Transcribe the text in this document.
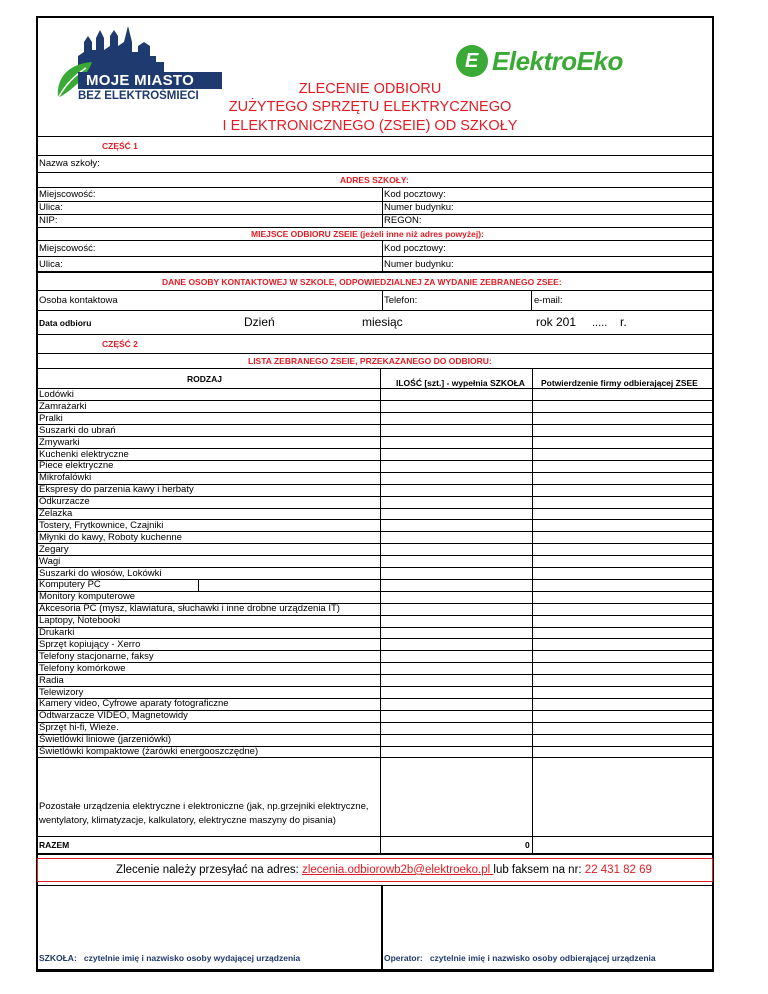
MOJE MIASTO
BEZ ELEKTROŚMIECI
E ElektroEko
ZLECENIE ODBIORU
ZUŻYTEGO SPRZĘTU ELEKTRYCZNEGO
I ELEKTRONICZNEGO (ZSEIE) OD SZKOŁY
CZĘŚĆ 1
Nazwa szkoły:
ADRES SZKOŁY:
Miejscowość:	Kod pocztowy:
Ulica:	Numer budynku:
NIP:	REGON:
MIEJSCE ODBIORU ZSEIE (jeżeli inne niż adres powyżej):
Miejscowość:	Kod pocztowy:
Ulica:	Numer budynku:
DANE OSOBY KONTAKTOWEJ W SZKOLE, ODPOWIEDZIALNEJ ZA WYDANIE ZEBRANEGO ZSEE:
Osoba kontaktowa	Telefon:	e-mail:
Data odbioru	Dzień	miesiąc	rok 201 ..... r.
CZĘŚĆ 2
LISTA ZEBRANEGO ZSEIE, PRZEKAZANEGO DO ODBIORU:
RODZAJ	ILOŚĆ [szt.] - wypełnia SZKOŁA Potwierdzenie firmy odbierającej ZSEE
Lodówki
Zamrażarki
Pralki
Suszarki do ubrań
Zmywarki
Kuchenki elektryczne
Piece elektryczne
Mikrofalówki
Ekspresy do parzenia kawy i herbaty
Odkurzacze
Żelazka
Tostery, Frytkownice, Czajniki
Młynki do kawy, Roboty kuchenne
Zegary
Wagi
Suszarki do włosów, Lokówki
Komputery PC
Monitory komputerowe
Akcesoria PC (mysz, klawiatura, słuchawki i inne drobne urządzenia IT)
Laptopy, Notebooki
Drukarki
Sprzęt kopiujący - Xerro
Telefony stacjonarne, faksy
Telefony komórkowe
Radia
Telewizory
Kamery video, Cyfrowe aparaty fotograficzne
Odtwarzacze VIDEO, Magnetowidy
Sprzęt hi-fi, Wieże.
Świetlówki liniowe (jarzeniówki)
Świetlówki kompaktowe (żarówki energooszczędne)
Pozostałe urządzenia elektryczne i elektroniczne (jak, np.grzejniki elektryczne,
wentylatory, klimatyzacje, kalkulatory, elektryczne maszyny do pisania)
RAZEM	0
Zlecenie należy przesyłać na adres: zlecenia.odbiorowb2b@elektroeko.pl lub faksem na nr: 22 431 82 69
SZKOŁA: czytelnie imię i nazwisko osoby wydającej urządzenia	Operator: czytelnie imię i nazwisko osoby odbierąjącej urządzenia
